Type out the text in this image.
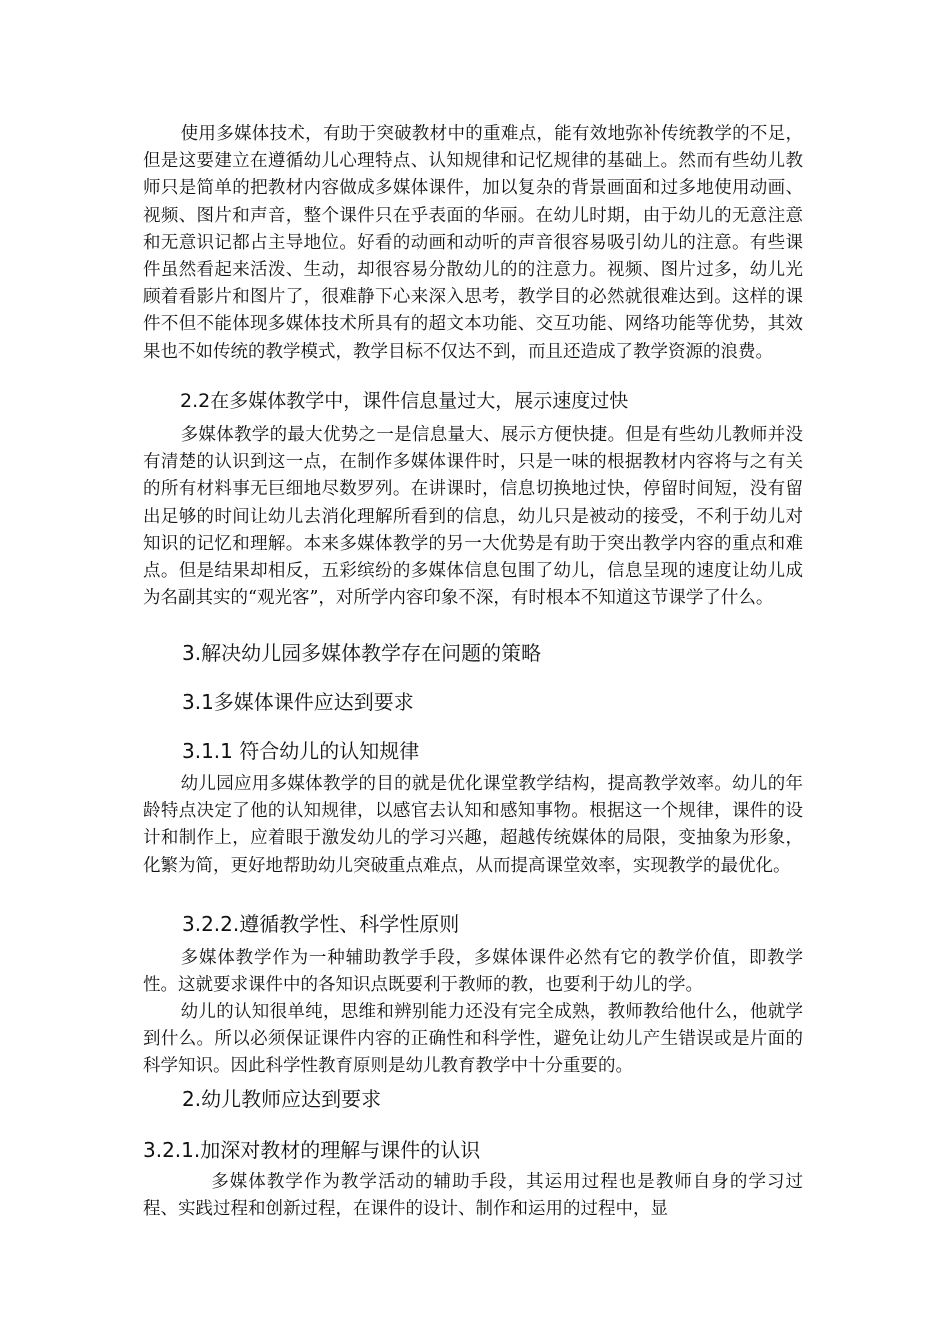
使用多媒体技术，有助于突破教材中的重难点，能有效地弥补传统教学的不足，但是这要建立在遵循幼儿心理特点、认知规律和记忆规律的基础上。然而有些幼儿教师只是简单的把教材内容做成多媒体课件，加以复杂的背景画面和过多地使用动画、视频、图片和声音，整个课件只在乎表面的华丽。在幼儿时期，由于幼儿的无意注意和无意识记都占主导地位。好看的动画和动听的声音很容易吸引幼儿的注意。有些课件虽然看起来活泼、生动，却很容易分散幼儿的的注意力。视频、图片过多，幼儿光顾着看影片和图片了，很难静下心来深入思考，教学目的必然就很难达到。这样的课件不但不能体现多媒体技术所具有的超文本功能、交互功能、网络功能等优势，其效果也不如传统的教学模式，教学目标不仅达不到，而且还造成了教学资源的浪费。

2.2在多媒体教学中，课件信息量过大，展示速度过快

多媒体教学的最大优势之一是信息量大、展示方便快捷。但是有些幼儿教师并没有清楚的认识到这一点，在制作多媒体课件时，只是一味的根据教材内容将与之有关的所有材料事无巨细地尽数罗列。在讲课时，信息切换地过快，停留时间短，没有留出足够的时间让幼儿去消化理解所看到的信息，幼儿只是被动的接受，不利于幼儿对知识的记忆和理解。本来多媒体教学的另一大优势是有助于突出教学内容的重点和难点。但是结果却相反，五彩缤纷的多媒体信息包围了幼儿，信息呈现的速度让幼儿成为名副其实的“观光客”，对所学内容印象不深，有时根本不知道这节课学了什么。

3.解决幼儿园多媒体教学存在问题的策略
3.1多媒体课件应达到要求
3.1.1 符合幼儿的认知规律

幼儿园应用多媒体教学的目的就是优化课堂教学结构，提高教学效率。幼儿的年龄特点决定了他的认知规律，以感官去认知和感知事物。根据这一个规律，课件的设计和制作上，应着眼于激发幼儿的学习兴趣，超越传统媒体的局限，变抽象为形象，化繁为简，更好地帮助幼儿突破重点难点，从而提高课堂效率，实现教学的最优化。

3.2.2.遵循教学性、科学性原则

多媒体教学作为一种辅助教学手段，多媒体课件必然有它的教学价值，即教学性。这就要求课件中的各知识点既要利于教师的教，也要利于幼儿的学。

幼儿的认知很单纯，思维和辨别能力还没有完全成熟，教师教给他什么，他就学到什么。所以必须保证课件内容的正确性和科学性，避免让幼儿产生错误或是片面的科学知识。因此科学性教育原则是幼儿教育教学中十分重要的。

2.幼儿教师应达到要求
3.2.1.加深对教材的理解与课件的认识

多媒体教学作为教学活动的辅助手段，其运用过程也是教师自身的学习过程、实践过程和创新过程，在课件的设计、制作和运用的过程中，显
